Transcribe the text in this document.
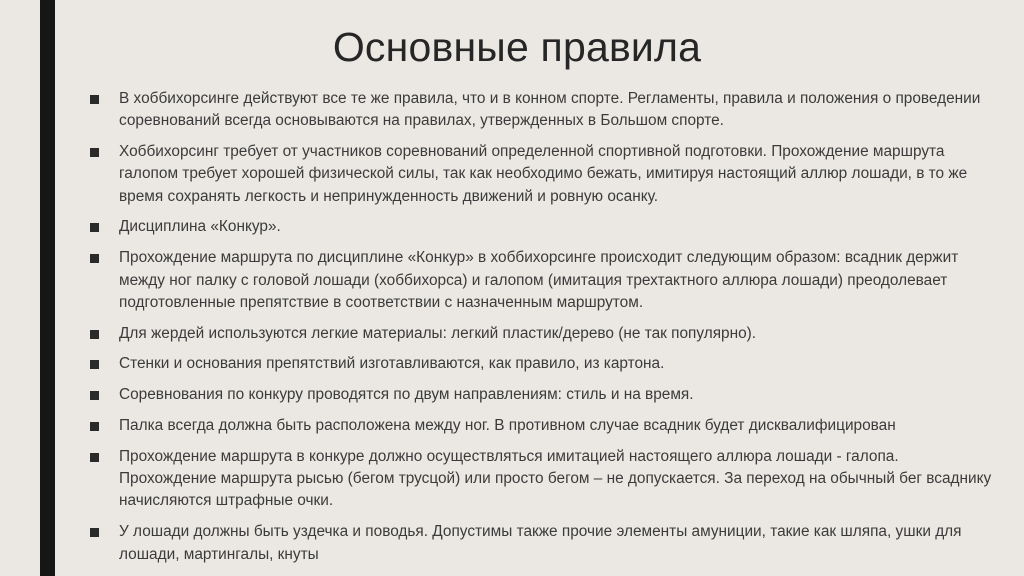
Основные правила
В хоббихорсинге действуют все те же правила, что и в конном спорте. Регламенты, правила и положения о проведении соревнований всегда основываются на правилах, утвержденных в Большом спорте.
Хоббихорсинг требует от участников соревнований определенной спортивной подготовки. Прохождение маршрута галопом требует хорошей физической силы, так как необходимо бежать, имитируя настоящий аллюр лошади, в то же время сохранять легкость и непринужденность движений и ровную осанку.
Дисциплина «Конкур».
Прохождение маршрута по дисциплине «Конкур» в хоббихорсинге происходит следующим образом: всадник держит между ног палку с головой лошади (хоббихорса) и галопом (имитация трехтактного аллюра лошади) преодолевает подготовленные препятствие в соответствии с назначенным маршрутом.
Для жердей используются легкие материалы: легкий пластик/дерево (не так популярно).
Стенки и основания препятствий изготавливаются, как правило, из картона.
Соревнования по конкуру проводятся по двум направлениям: стиль и на время.
Палка всегда должна быть расположена между ног. В противном случае всадник будет дисквалифицирован
Прохождение маршрута в конкуре должно осуществляться имитацией настоящего аллюра лошади - галопа. Прохождение маршрута рысью (бегом трусцой) или просто бегом – не допускается. За переход на обычный бег всаднику начисляются штрафные очки.
У лошади должны быть уздечка и поводья. Допустимы также прочие элементы амуниции, такие как шляпа, ушки для лошади, мартингалы, кнуты
